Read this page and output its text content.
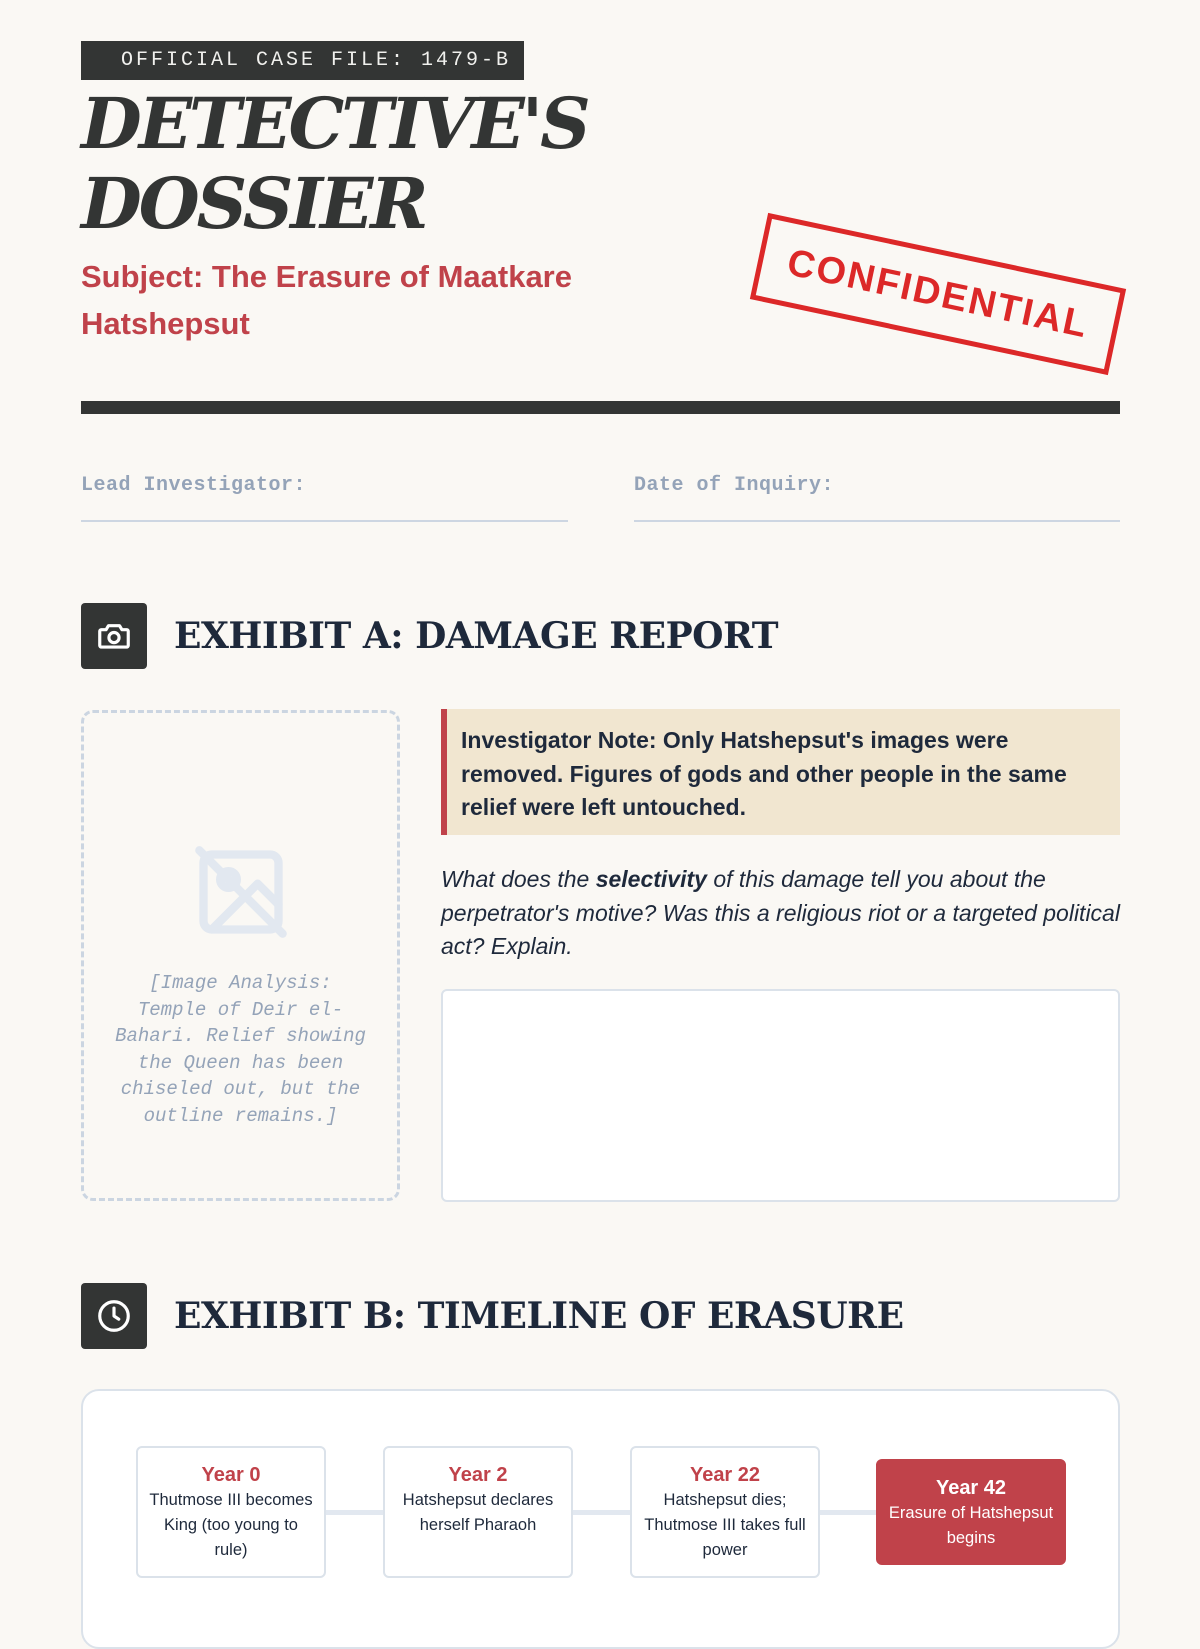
OFFICIAL CASE FILE: 1479-B
DETECTIVE'S
DOSSIER
Subject: The Erasure of Maatkare Hatshepsut	CONFIDENTIAL
Lead Investigator:	Date of Inquiry:
EXHIBIT A: DAMAGE REPORT
[Image Analysis: Temple of Deir el-Bahari. Relief showing the Queen has been chiseled out, but the outline remains.]
Investigator Note: Only Hatshepsut's images were removed. Figures of gods and other people in the same relief were left untouched.

What does the selectivity of this damage tell you about the perpetrator's motive? Was this a religious riot or a targeted political act? Explain.

EXHIBIT B: TIMELINE OF ERASURE
Year 0
Thutmose III becomes King (too young to rule)
Year 2
Hatshepsut declares herself Pharaoh
Year 22
Hatshepsut dies; Thutmose III takes full power
Year 42
Erasure of Hatshepsut begins
